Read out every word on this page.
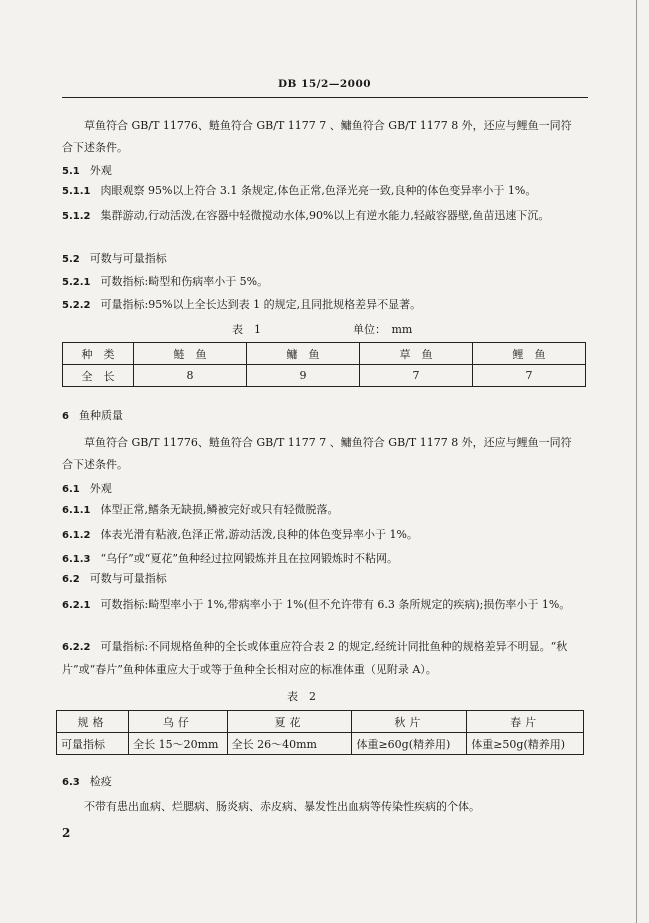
DB 15/2—2000
草鱼符合 GB/T 11776、鲢鱼符合 GB/T 1177 7 、鳙鱼符合 GB/T 1177 8 外，还应与鲤鱼一同符合下述条件。
5.1 外观
5.1.1 肉眼观察 95%以上符合 3.1 条规定,体色正常,色泽光亮一致,良种的体色变异率小于 1%。
5.1.2 集群游动,行动活泼,在容器中轻微搅动水体,90%以上有逆水能力,轻敲容器壁,鱼苗迅速下沉。
5.2 可数与可量指标
5.2.1 可数指标:畸型和伤病率小于 5%。
5.2.2 可量指标:95%以上全长达到表 1 的规定,且同批规格差异不显著。
表　1	单位：　mm
种　类	鲢　鱼	鳙　鱼	草　鱼	鲤　鱼
全　长	8	9	7	7
6 鱼种质量
草鱼符合 GB/T 11776、鲢鱼符合 GB/T 1177 7 、鳙鱼符合 GB/T 1177 8 外，还应与鲤鱼一同符合下述条件。
6.1 外观
6.1.1 体型正常,鳍条无缺损,鳞被完好或只有轻微脱落。
6.1.2 体表光滑有粘液,色泽正常,游动活泼,良种的体色变异率小于 1%。
6.1.3 “乌仔”或“夏花”鱼种经过拉网锻炼并且在拉网锻炼时不粘网。
6.2 可数与可量指标
6.2.1 可数指标:畸型率小于 1%,带病率小于 1%(但不允许带有 6.3 条所规定的疾病);损伤率小于 1%。
6.2.2 可量指标:不同规格鱼种的全长或体重应符合表 2 的规定,经统计同批鱼种的规格差异不明显。“秋片”或“春片”鱼种体重应大于或等于鱼种全长相对应的标准体重（见附录 A）。
表　2
规格	乌仔	夏花	秋片	春片
可量指标	全长 15～20mm	全长 26～40mm	体重≥60g(精养用)	体重≥50g(精养用)
6.3 检疫
不带有患出血病、烂腮病、肠炎病、赤皮病、暴发性出血病等传染性疾病的个体。
2
